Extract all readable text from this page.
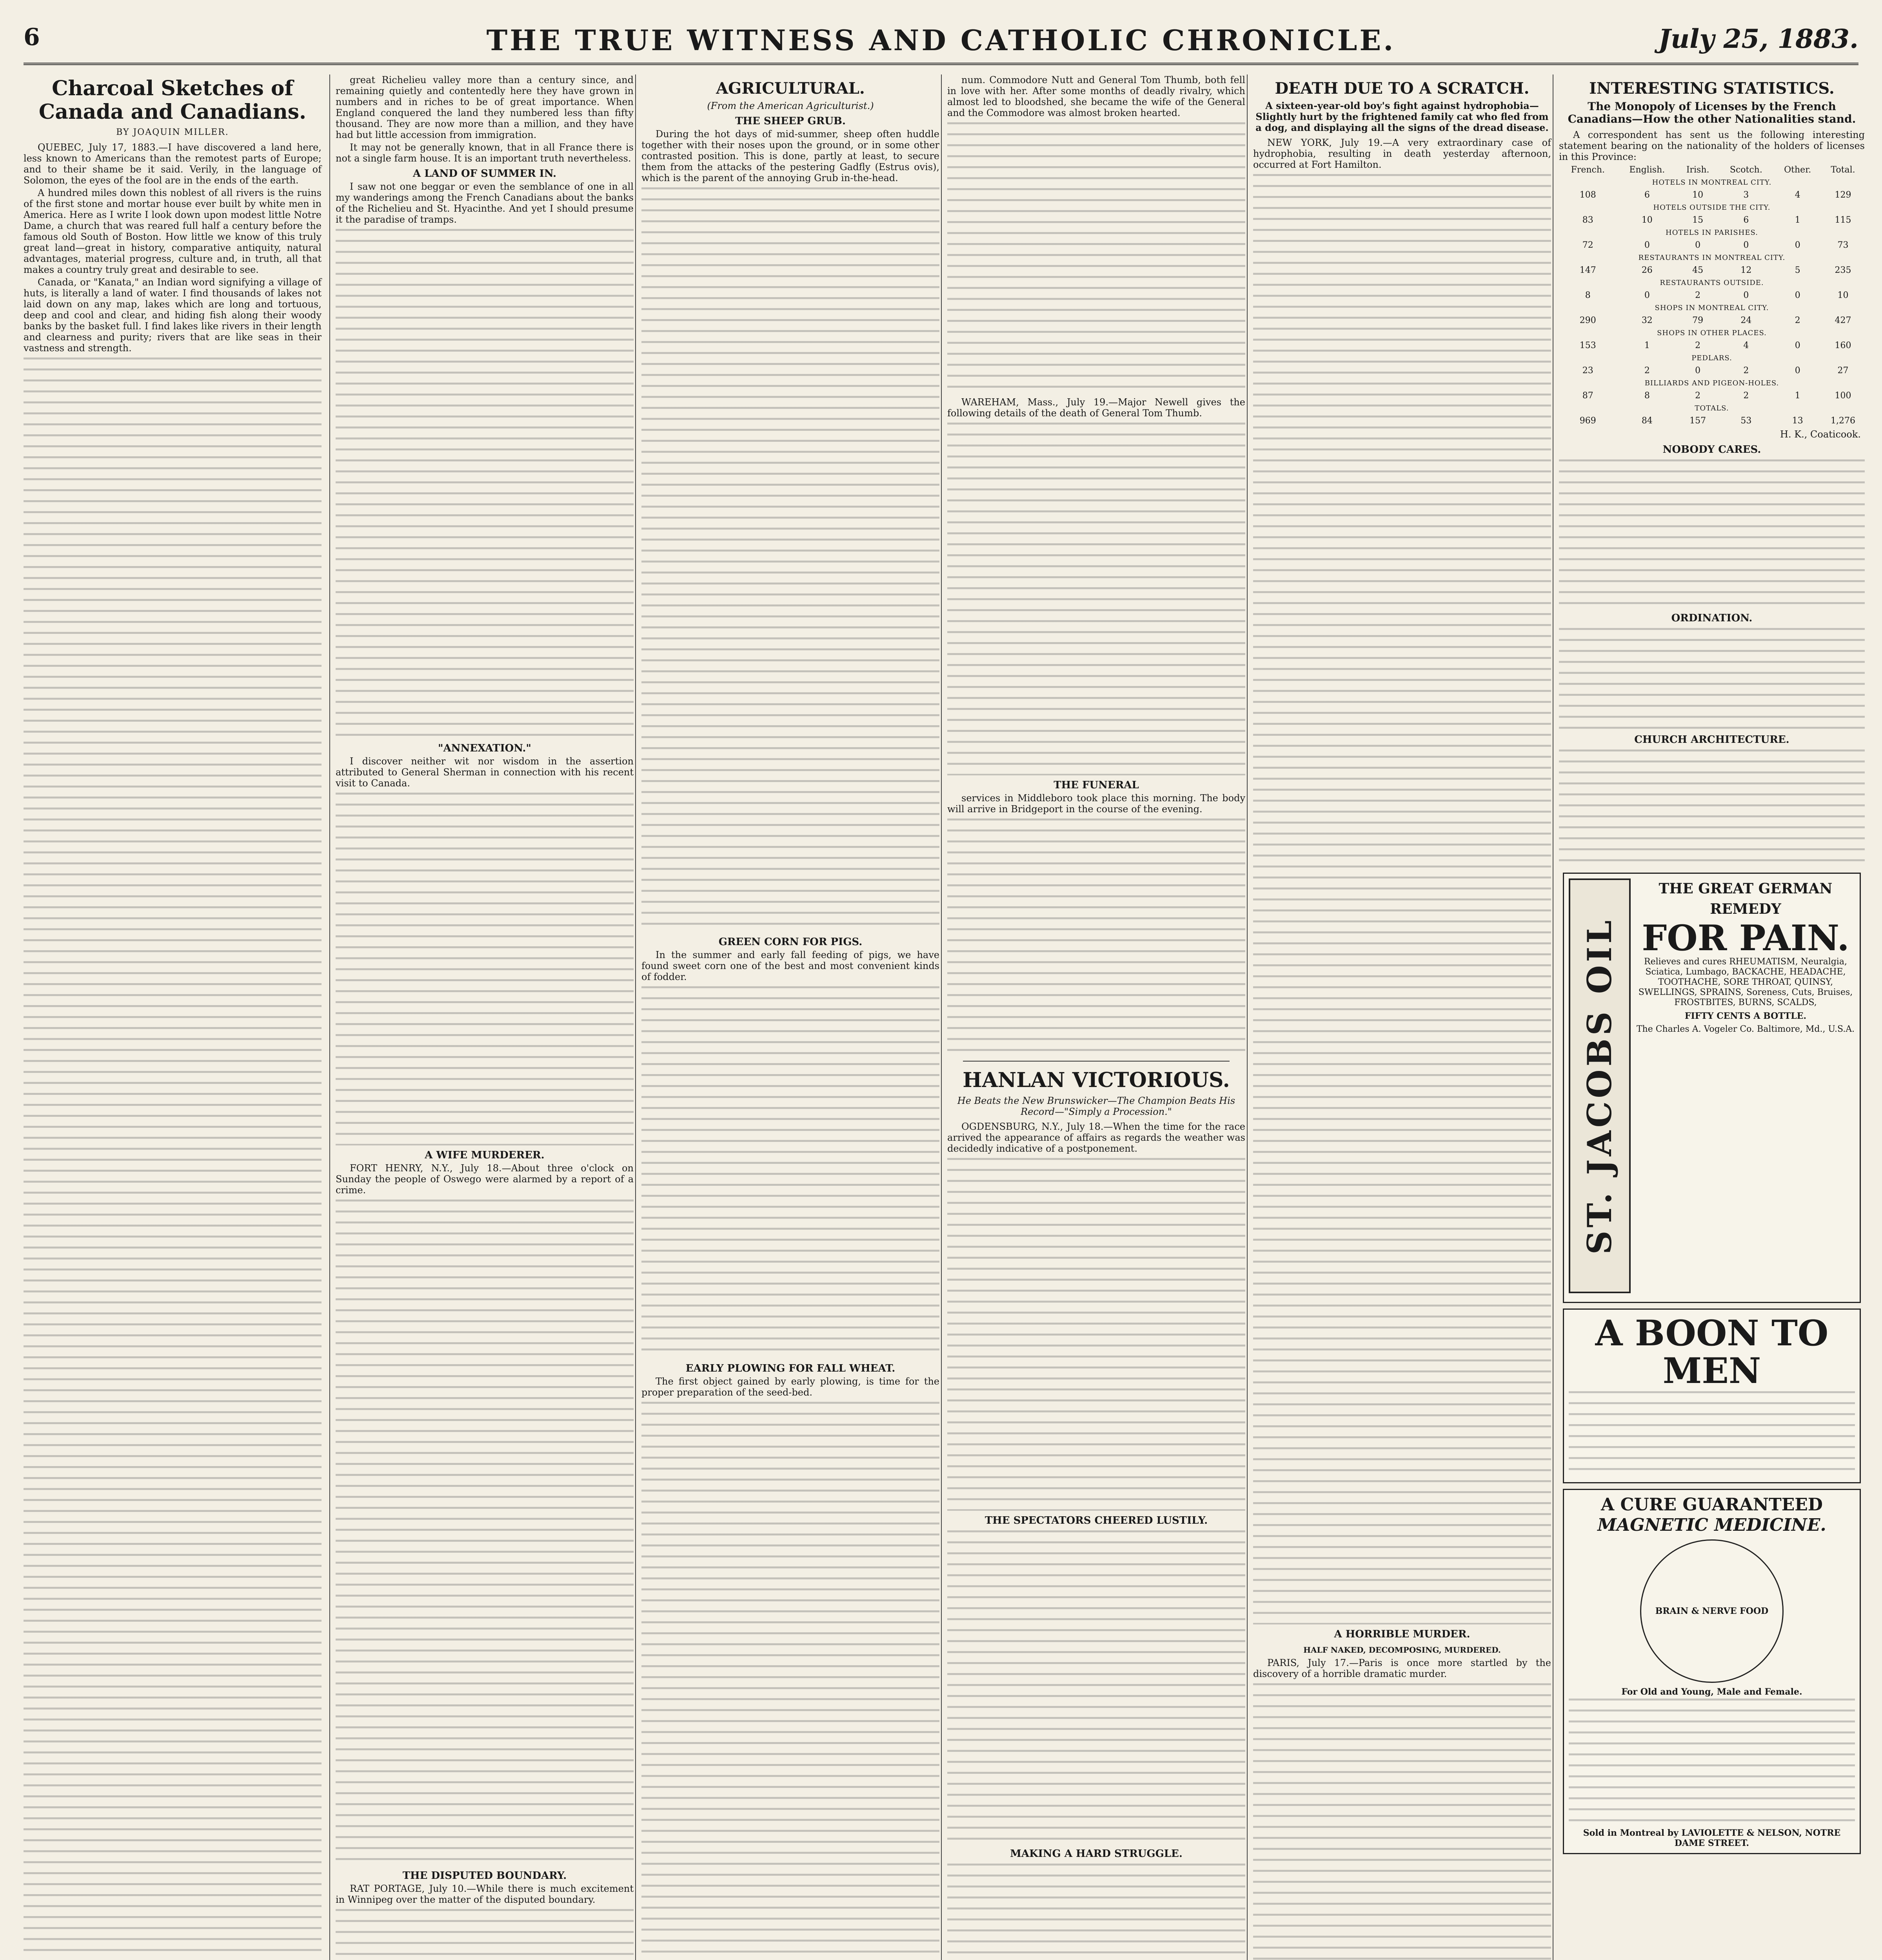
6	THE TRUE WITNESS AND CATHOLIC CHRONICLE.	July 25, 1883.
Charcoal Sketches of Canada and Canadians.
BY JOAQUIN MILLER.

QUEBEC, July 17, 1883.—I have discovered a land here, less known to Americans than the remotest parts of Europe; and to their shame be it said. Verily, in the language of Solomon, the eyes of the fool are in the ends of the earth.

A hundred miles down this noblest of all rivers is the ruins of the first stone and mortar house ever built by white men in America. Here as I write I look down upon modest little Notre Dame, a church that was reared full half a century before the famous old South of Boston. How little we know of this truly great land—great in history, comparative antiquity, natural advantages, material progress, culture and, in truth, all that makes a country truly great and desirable to see.

Canada, or "Kanata," an Indian word signifying a village of huts, is literally a land of water. I find thousands of lakes not laid down on any map, lakes which are long and tortuous, deep and cool and clear, and hiding fish along their woody banks by the basket full. I find lakes like rivers in their length and clearness and purity; rivers that are like seas in their vastness and strength.

great Richelieu valley more than a century since, and remaining quietly and contentedly here they have grown in numbers and in riches to be of great importance. When England conquered the land they numbered less than fifty thousand. They are now more than a million, and they have had but little accession from immigration.

It may not be generally known, that in all France there is not a single farm house. It is an important truth nevertheless.

A LAND OF SUMMER IN.

I saw not one beggar or even the semblance of one in all my wanderings among the French Canadians about the banks of the Richelieu and St. Hyacinthe. And yet I should presume it the paradise of tramps.

"ANNEXATION."

I discover neither wit nor wisdom in the assertion attributed to General Sherman in connection with his recent visit to Canada.

A WIFE MURDERER.

FORT HENRY, N.Y., July 18.—About three o'clock on Sunday the people of Oswego were alarmed by a report of a crime.

THE DISPUTED BOUNDARY.

RAT PORTAGE, July 10.—While there is much excitement in Winnipeg over the matter of the disputed boundary.

AGRICULTURAL.
(From the American Agriculturist.)
THE SHEEP GRUB.

During the hot days of mid-summer, sheep often huddle together with their noses upon the ground, or in some other contrasted position. This is done, partly at least, to secure them from the attacks of the pestering Gadfly (Estrus ovis), which is the parent of the annoying Grub in-the-head.

GREEN CORN FOR PIGS.

In the summer and early fall feeding of pigs, we have found sweet corn one of the best and most convenient kinds of fodder.

EARLY PLOWING FOR FALL WHEAT.

The first object gained by early plowing, is time for the proper preparation of the seed-bed.

num. Commodore Nutt and General Tom Thumb, both fell in love with her. After some months of deadly rivalry, which almost led to bloodshed, she became the wife of the General and the Commodore was almost broken hearted.

WAREHAM, Mass., July 19.—Major Newell gives the following details of the death of General Tom Thumb.

THE FUNERAL

services in Middleboro took place this morning. The body will arrive in Bridgeport in the course of the evening.

HANLAN VICTORIOUS.
He Beats the New Brunswicker—The Champion Beats His Record—"Simply a Procession."

OGDENSBURG, N.Y., July 18.—When the time for the race arrived the appearance of affairs as regards the weather was decidedly indicative of a postponement.

THE SPECTATORS CHEERED LUSTILY.
MAKING A HARD STRUGGLE.
DEATH DUE TO A SCRATCH.
A sixteen-year-old boy's fight against hydrophobia—Slightly hurt by the frightened family cat who fled from a dog, and displaying all the signs of the dread disease.

NEW YORK, July 19.—A very extraordinary case of hydrophobia, resulting in death yesterday afternoon, occurred at Fort Hamilton.

A HORRIBLE MURDER.
HALF NAKED, DECOMPOSING, MURDERED.

PARIS, July 17.—Paris is once more startled by the discovery of a horrible dramatic murder.

INTERESTING STATISTICS.
The Monopoly of Licenses by the French Canadians—How the other Nationalities stand.

A correspondent has sent us the following interesting statement bearing on the nationality of the holders of licenses in this Province:

French.	English.	Irish.	Scotch.	Other.	Total.
HOTELS IN MONTREAL CITY.					
108	6	10	3	4	129
HOTELS OUTSIDE THE CITY.					
83	10	15	6	1	115
HOTELS IN PARISHES.					
72	0	0	0	0	73
RESTAURANTS IN MONTREAL CITY.					
147	26	45	12	5	235
RESTAURANTS OUTSIDE.					
8	0	2	0	0	10
SHOPS IN MONTREAL CITY.					
290	32	79	24	2	427
SHOPS IN OTHER PLACES.					
153	1	2	4	0	160
PEDLARS.					
23	2	0	2	0	27
BILLIARDS AND PIGEON-HOLES.					
87	8	2	2	1	100
TOTALS.					
969	84	157	53	13	1,276
H. K., Coaticook.
NOBODY CARES.
ORDINATION.
CHURCH ARCHITECTURE.
ST. JACOBS OIL
THE GREAT GERMAN REMEDY
FOR PAIN.
Relieves and cures RHEUMATISM, Neuralgia, Sciatica, Lumbago, BACKACHE, HEADACHE, TOOTHACHE, SORE THROAT, QUINSY, SWELLINGS, SPRAINS, Soreness, Cuts, Bruises, FROSTBITES, BURNS, SCALDS,
FIFTY CENTS A BOTTLE.
The Charles A. Vogeler Co. Baltimore, Md., U.S.A.
A BOON TO MEN
A CURE GUARANTEED
MAGNETIC MEDICINE.
BRAIN & NERVE FOOD
For Old and Young, Male and Female.
Sold in Montreal by LAVIOLETTE & NELSON, NOTRE DAME STREET.
